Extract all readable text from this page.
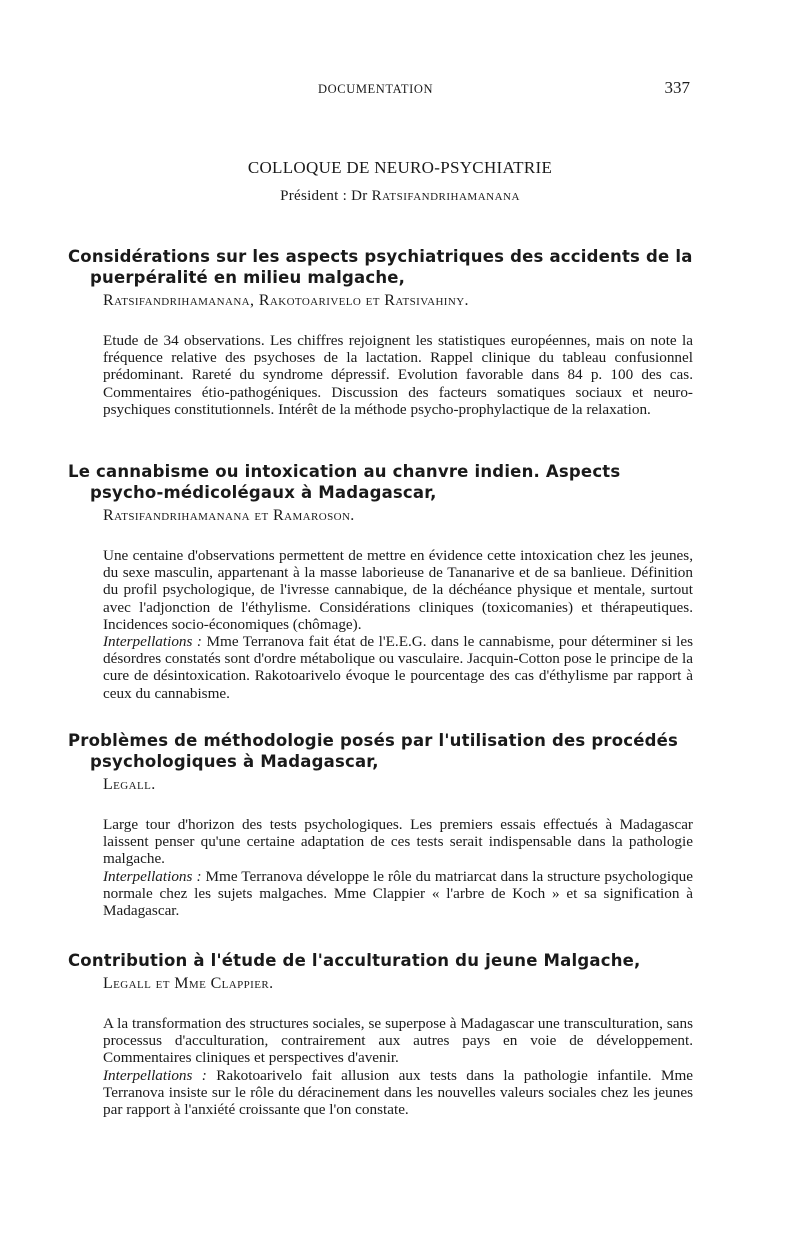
DOCUMENTATION	337
COLLOQUE DE NEURO-PSYCHIATRIE
Président : Dr Ratsifandrihamanana
Considérations sur les aspects psychiatriques des accidents de la puerpéralité en milieu malgache,
Ratsifandrihamanana, Rakotoarivelo et Ratsivahiny.

Etude de 34 observations. Les chiffres rejoignent les statistiques européennes, mais on note la fréquence relative des psychoses de la lactation. Rappel clinique du tableau confusionnel prédominant. Rareté du syndrome dépressif. Evolution favorable dans 84 p. 100 des cas. Commentaires étio-pathogéniques. Discussion des facteurs somatiques sociaux et neuro-psychiques constitutionnels. Intérêt de la méthode psycho-prophylactique de la relaxation.

Le cannabisme ou intoxication au chanvre indien. Aspects psycho-médicolégaux à Madagascar,
Ratsifandrihamanana et Ramaroson.

Une centaine d'observations permettent de mettre en évidence cette intoxication chez les jeunes, du sexe masculin, appartenant à la masse laborieuse de Tananarive et de sa banlieue. Définition du profil psychologique, de l'ivresse cannabique, de la déchéance physique et mentale, surtout avec l'adjonction de l'éthylisme. Considérations cliniques (toxicomanies) et thérapeutiques. Incidences socio-économiques (chômage).

Interpellations : Mme Terranova fait état de l'E.E.G. dans le cannabisme, pour déterminer si les désordres constatés sont d'ordre métabolique ou vasculaire. Jacquin-Cotton pose le principe de la cure de désintoxication. Rakotoarivelo évoque le pourcentage des cas d'éthylisme par rapport à ceux du cannabisme.

Problèmes de méthodologie posés par l'utilisation des procédés psychologiques à Madagascar,
Legall.

Large tour d'horizon des tests psychologiques. Les premiers essais effectués à Madagascar laissent penser qu'une certaine adaptation de ces tests serait indispensable dans la pathologie malgache.

Interpellations : Mme Terranova développe le rôle du matriarcat dans la structure psychologique normale chez les sujets malgaches. Mme Clappier « l'arbre de Koch » et sa signification à Madagascar.

Contribution à l'étude de l'acculturation du jeune Malgache,
Legall et Mme Clappier.

A la transformation des structures sociales, se superpose à Madagascar une transculturation, sans processus d'acculturation, contrairement aux autres pays en voie de développement. Commentaires cliniques et perspectives d'avenir.

Interpellations : Rakotoarivelo fait allusion aux tests dans la pathologie infantile. Mme Terranova insiste sur le rôle du déracinement dans les nouvelles valeurs sociales chez les jeunes par rapport à l'anxiété croissante que l'on constate.
